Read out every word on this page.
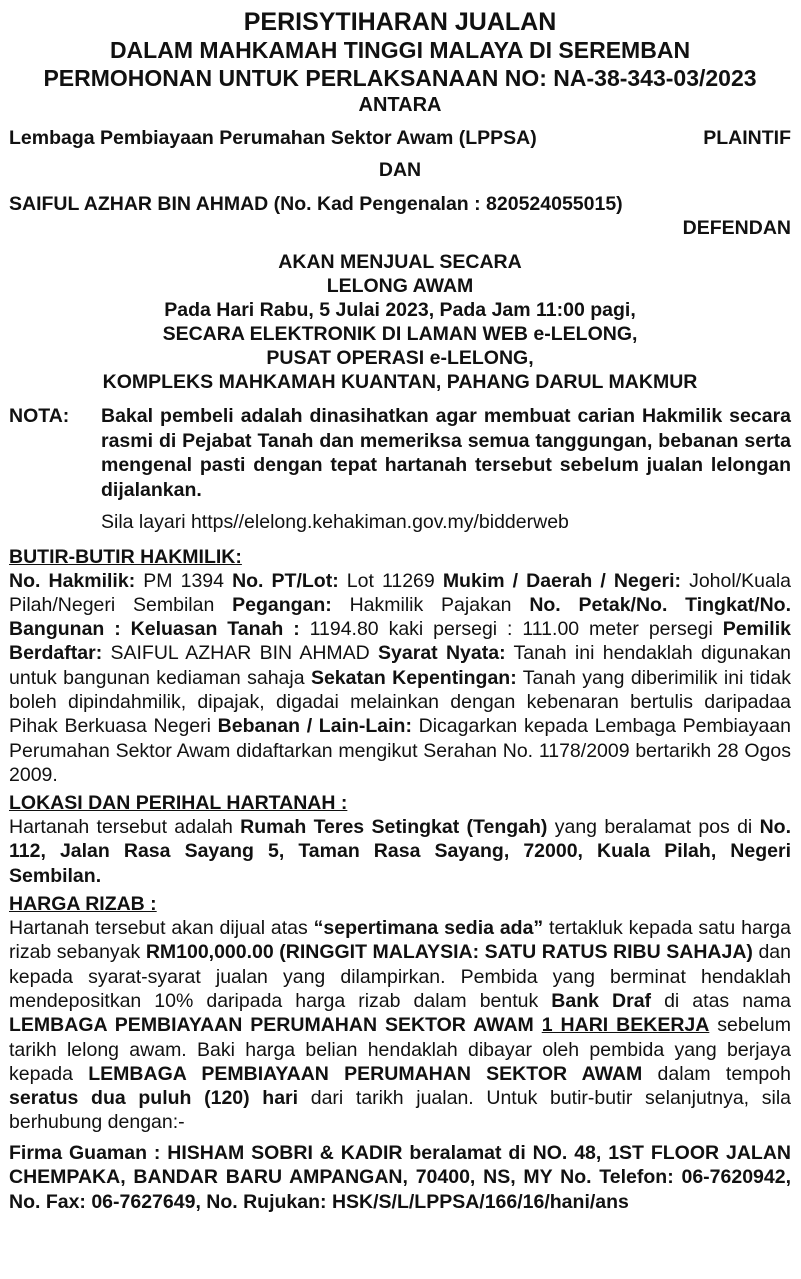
PERISYTIHARAN JUALAN
DALAM MAHKAMAH TINGGI MALAYA DI SEREMBAN
PERMOHONAN UNTUK PERLAKSANAAN NO: NA-38-343-03/2023
ANTARA
Lembaga Pembiayaan Perumahan Sektor Awam (LPPSA)	PLAINTIF
DAN
SAIFUL AZHAR BIN AHMAD (No. Kad Pengenalan : 820524055015)
DEFENDAN
AKAN MENJUAL SECARA
LELONG AWAM
Pada Hari Rabu, 5 Julai 2023, Pada Jam 11:00 pagi,
SECARA ELEKTRONIK DI LAMAN WEB e-LELONG,
PUSAT OPERASI e-LELONG,
KOMPLEKS MAHKAMAH KUANTAN, PAHANG DARUL MAKMUR
NOTA:	Bakal pembeli adalah dinasihatkan agar membuat carian Hakmilik secara rasmi di Pejabat Tanah dan memeriksa semua tanggungan, bebanan serta mengenal pasti dengan tepat hartanah tersebut sebelum jualan lelongan dijalankan.
Sila layari https//elelong.kehakiman.gov.my/bidderweb
BUTIR-BUTIR HAKMILIK:
No. Hakmilik: PM 1394 No. PT/Lot: Lot 11269 Mukim / Daerah / Negeri: Johol/Kuala Pilah/Negeri Sembilan Pegangan: Hakmilik Pajakan No. Petak/No. Tingkat/No. Bangunan : Keluasan Tanah : 1194.80 kaki persegi : 111.00 meter persegi Pemilik Berdaftar: SAIFUL AZHAR BIN AHMAD Syarat Nyata: Tanah ini hendaklah digunakan untuk bangunan kediaman sahaja Sekatan Kepentingan: Tanah yang diberimilik ini tidak boleh dipindahmilik, dipajak, digadai melainkan dengan kebenaran bertulis daripadaa Pihak Berkuasa Negeri Bebanan / Lain-Lain: Dicagarkan kepada Lembaga Pembiayaan Perumahan Sektor Awam didaftarkan mengikut Serahan No. 1178/2009 bertarikh 28 Ogos 2009.
LOKASI DAN PERIHAL HARTANAH :
Hartanah tersebut adalah Rumah Teres Setingkat (Tengah) yang beralamat pos di No. 112, Jalan Rasa Sayang 5, Taman Rasa Sayang, 72000, Kuala Pilah, Negeri Sembilan.
HARGA RIZAB :
Hartanah tersebut akan dijual atas “sepertimana sedia ada” tertakluk kepada satu harga rizab sebanyak RM100,000.00 (RINGGIT MALAYSIA: SATU RATUS RIBU SAHAJA) dan kepada syarat-syarat jualan yang dilampirkan. Pembida yang berminat hendaklah mendepositkan 10% daripada harga rizab dalam bentuk Bank Draf di atas nama LEMBAGA PEMBIAYAAN PERUMAHAN SEKTOR AWAM 1 HARI BEKERJA sebelum tarikh lelong awam. Baki harga belian hendaklah dibayar oleh pembida yang berjaya kepada LEMBAGA PEMBIAYAAN PERUMAHAN SEKTOR AWAM dalam tempoh seratus dua puluh (120) hari dari tarikh jualan. Untuk butir-butir selanjutnya, sila berhubung dengan:-
Firma Guaman : HISHAM SOBRI & KADIR beralamat di NO. 48, 1ST FLOOR JALAN CHEMPAKA, BANDAR BARU AMPANGAN, 70400, NS, MY No. Telefon: 06-7620942, No. Fax: 06-7627649, No. Rujukan: HSK/S/L/LPPSA/166/16/hani/ans
